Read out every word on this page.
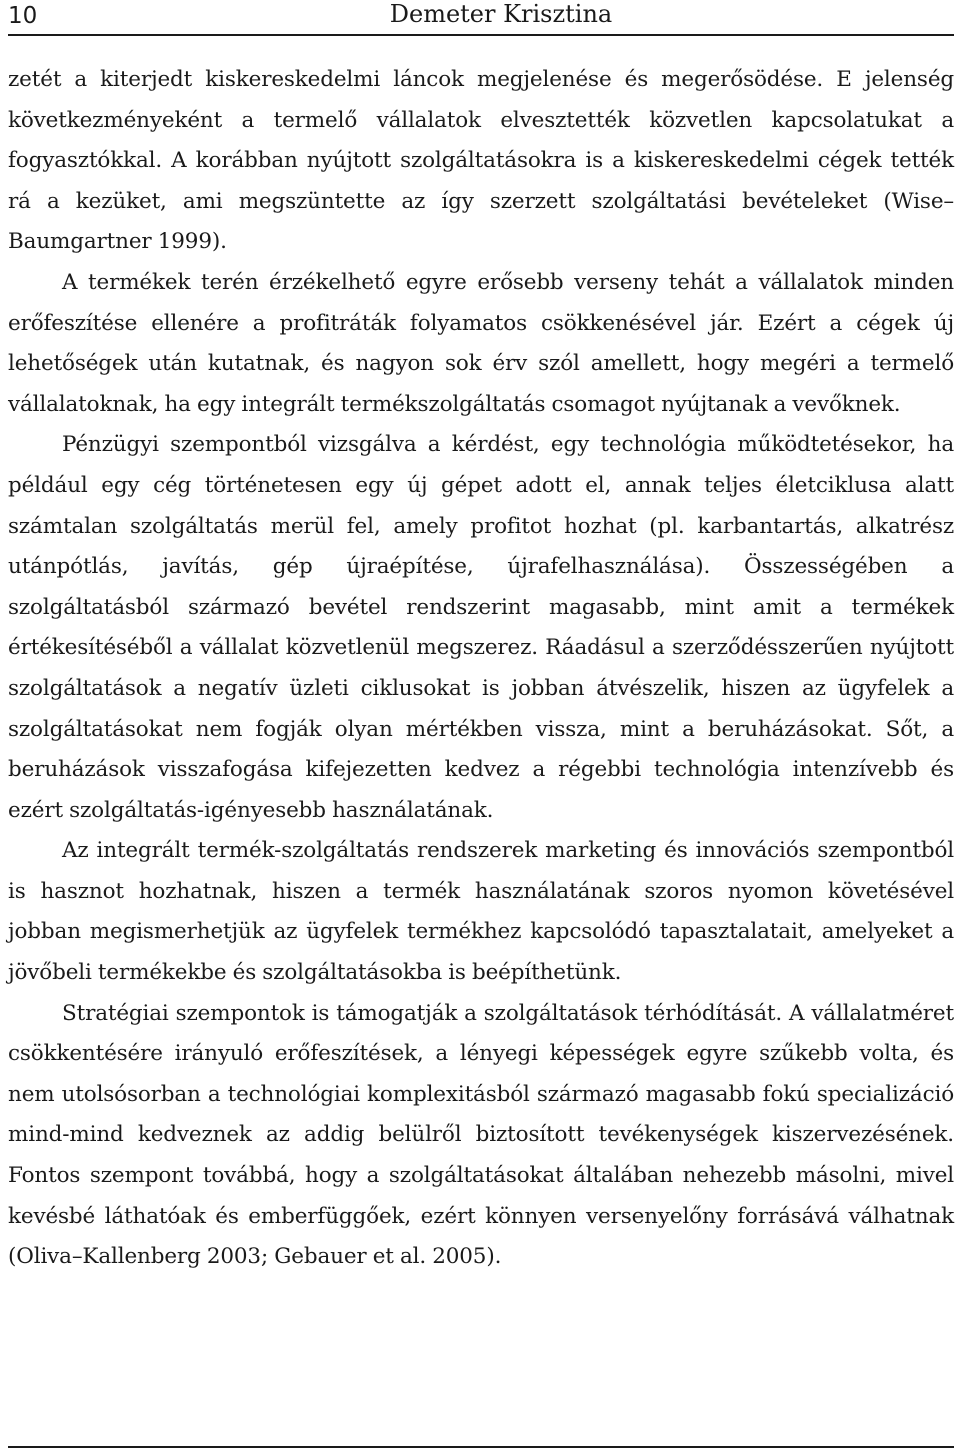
10	Demeter Krisztina

zetét a kiterjedt kiskereskedelmi láncok megjelenése és megerősödése. E jelenség következményeként a termelő vállalatok elvesztették közvetlen kapcsolatukat a fogyasztókkal. A korábban nyújtott szolgáltatásokra is a kiskereskedelmi cégek tették rá a kezüket, ami megszüntette az így szerzett szolgáltatási bevételeket (Wise–Baumgartner 1999).

A termékek terén érzékelhető egyre erősebb verseny tehát a vállalatok minden erőfeszítése ellenére a profitráták folyamatos csökkenésével jár. Ezért a cégek új lehetőségek után kutatnak, és nagyon sok érv szól amellett, hogy megéri a termelő vállalatoknak, ha egy integrált termékszolgáltatás csomagot nyújtanak a vevőknek.

Pénzügyi szempontból vizsgálva a kérdést, egy technológia működtetésekor, ha például egy cég történetesen egy új gépet adott el, annak teljes életciklusa alatt számtalan szolgáltatás merül fel, amely profitot hozhat (pl. karbantartás, alkatrész utánpótlás, javítás, gép újraépítése, újrafelhasználása). Összességében a szolgáltatásból származó bevétel rendszerint magasabb, mint amit a termékek értékesítéséből a vállalat közvetlenül megszerez. Ráadásul a szerződésszerűen nyújtott szolgáltatások a negatív üzleti ciklusokat is jobban átvészelik, hiszen az ügyfelek a szolgáltatásokat nem fogják olyan mértékben vissza, mint a beruházásokat. Sőt, a beruházások visszafogása kifejezetten kedvez a régebbi technológia intenzívebb és ezért szolgáltatás-igényesebb használatának.

Az integrált termék-szolgáltatás rendszerek marketing és innovációs szempontból is hasznot hozhatnak, hiszen a termék használatának szoros nyomon követésével jobban megismerhetjük az ügyfelek termékhez kapcsolódó tapasztalatait, amelyeket a jövőbeli termékekbe és szolgáltatásokba is beépíthetünk.

Stratégiai szempontok is támogatják a szolgáltatások térhódítását. A vállalatméret csökkentésére irányuló erőfeszítések, a lényegi képességek egyre szűkebb volta, és nem utolsósorban a technológiai komplexitásból származó magasabb fokú specializáció mind-mind kedveznek az addig belülről biztosított tevékenységek kiszervezésének. Fontos szempont továbbá, hogy a szolgáltatásokat általában nehezebb másolni, mivel kevésbé láthatóak és emberfüggőek, ezért könnyen versenyelőny forrásává válhatnak (Oliva–Kallenberg 2003; Gebauer et al. 2005).
